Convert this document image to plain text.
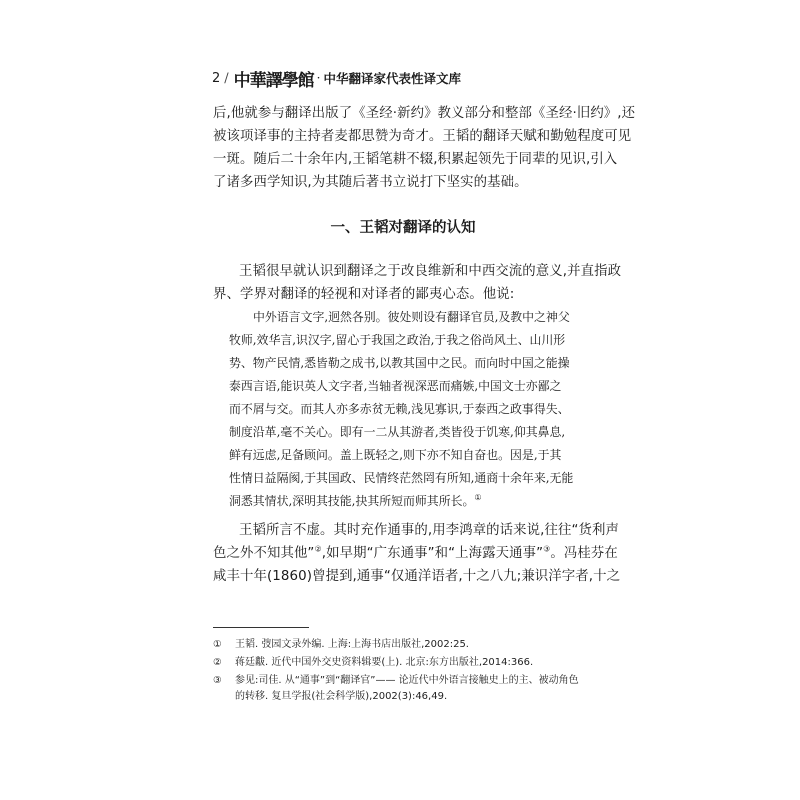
2 / 中華譯學館 · 中华翻译家代表性译文库
后,他就参与翻译出版了《圣经·新约》教义部分和整部《圣经·旧约》,还
被该项译事的主持者麦都思赞为奇才。王韬的翻译天赋和勤勉程度可见
一斑。随后二十余年内,王韬笔耕不辍,积累起领先于同辈的见识,引入
了诸多西学知识,为其随后著书立说打下坚实的基础。
一、王韬对翻译的认知
王韬很早就认识到翻译之于改良维新和中西交流的意义,并直指政
界、学界对翻译的轻视和对译者的鄙夷心态。他说:
中外语言文字,迥然各别。彼处则设有翻译官员,及教中之神父
牧师,效华言,识汉字,留心于我国之政治,于我之俗尚风土、山川形
势、物产民情,悉皆勒之成书,以教其国中之民。而向时中国之能操
泰西言语,能识英人文字者,当轴者视深恶而痛嫉,中国文士亦鄙之
而不屑与交。而其人亦多赤贫无赖,浅见寡识,于泰西之政事得失、
制度沿革,毫不关心。即有一二从其游者,类皆役于饥寒,仰其鼻息,
鲜有远虑,足备顾问。盖上既轻之,则下亦不知自奋也。因是,于其
性情日益隔阂,于其国政、民情终茫然罔有所知,通商十余年来,无能
洞悉其情状,深明其技能,抉其所短而师其所长。①
王韬所言不虚。其时充作通事的,用李鸿章的话来说,往往“货利声
色之外不知其他”②,如早期“广东通事”和“上海露天通事”③。冯桂芬在
咸丰十年(1860)曾提到,通事“仅通洋语者,十之八九;兼识洋字者,十之
①	王韬. 弢园文录外编. 上海:上海书店出版社,2002:25.
②	蒋廷黻. 近代中国外交史资料辑要(上). 北京:东方出版社,2014:366.
③	参见:司佳. 从“通事”到“翻译官”—— 论近代中外语言接触史上的主、被动角色
的转移. 复旦学报(社会科学版),2002(3):46,49.
